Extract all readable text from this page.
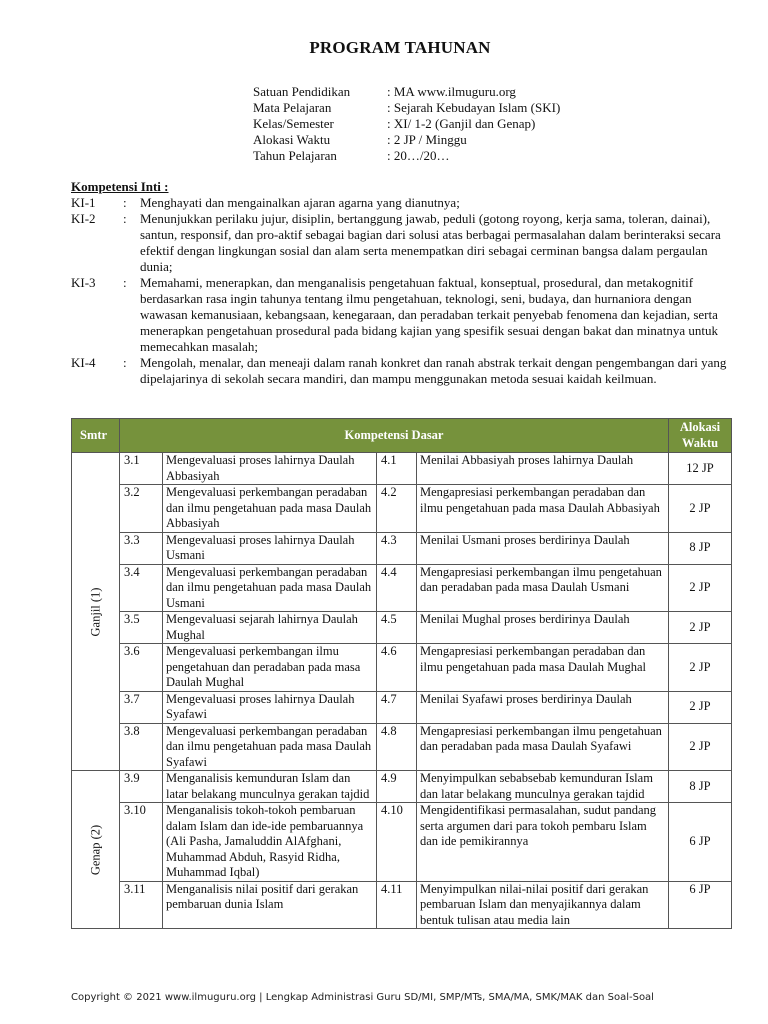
PROGRAM TAHUNAN
Satuan Pendidikan	: MA www.ilmuguru.org
Mata Pelajaran	: Sejarah Kebudayan Islam (SKI)
Kelas/Semester	: XI/ 1-2 (Ganjil dan Genap)
Alokasi Waktu	: 2 JP / Minggu
Tahun Pelajaran	: 20…/20…
Kompetensi Inti :
KI-1	:	Menghayati dan mengainalkan ajaran agarna yang dianutnya;
KI-2	:	Menunjukkan perilaku jujur, disiplin, bertanggung jawab, peduli (gotong royong, kerja sama, toleran, dainai), santun, responsif, dan pro-aktif sebagai bagian dari solusi atas berbagai permasalahan dalam berinteraksi secara efektif dengan lingkungan sosial dan alam serta menempatkan diri sebagai cerminan bangsa dalam pergaulan dunia;
KI-3	:	Memahami, menerapkan, dan menganalisis pengetahuan faktual, konseptual, prosedural, dan metakognitif berdasarkan rasa ingin tahunya tentang ilmu pengetahuan, teknologi, seni, budaya, dan hurnaniora dengan wawasan kemanusiaan, kebangsaan, kenegaraan, dan peradaban terkait penyebab fenomena dan kejadian, serta menerapkan pengetahuan prosedural pada bidang kajian yang spesifik sesuai dengan bakat dan minatnya untuk memecahkan masalah;
KI-4	:	Mengolah, menalar, dan meneaji dalam ranah konkret dan ranah abstrak terkait dengan pengembangan dari yang dipelajarinya di sekolah secara mandiri, dan mampu menggunakan metoda sesuai kaidah keilmuan.
Smtr	Kompetensi Dasar				Alokasi Waktu

Ganjil (1)	3.1	Mengevaluasi proses lahirnya Daulah Abbasiyah	4.1	Menilai Abbasiyah proses lahirnya Daulah	12 JP
	3.2	Mengevaluasi perkembangan peradaban dan ilmu pengetahuan pada masa Daulah Abbasiyah	4.2	Mengapresiasi perkembangan peradaban dan ilmu pengetahuan pada masa Daulah Abbasiyah	2 JP
	3.3	Mengevaluasi proses lahirnya Daulah Usmani	4.3	Menilai Usmani proses berdirinya Daulah	8 JP
	3.4	Mengevaluasi perkembangan peradaban dan ilmu pengetahuan pada masa Daulah Usmani	4.4	Mengapresiasi perkembangan ilmu pengetahuan dan peradaban pada masa Daulah Usmani	2 JP
	3.5	Mengevaluasi sejarah lahirnya Daulah Mughal	4.5	Menilai Mughal proses berdirinya Daulah	2 JP
	3.6	Mengevaluasi perkembangan ilmu pengetahuan dan peradaban pada masa Daulah Mughal	4.6	Mengapresiasi perkembangan peradaban dan ilmu pengetahuan pada masa Daulah Mughal	2 JP
	3.7	Mengevaluasi proses lahirnya Daulah Syafawi	4.7	Menilai Syafawi proses berdirinya Daulah	2 JP
	3.8	Mengevaluasi perkembangan peradaban dan ilmu pengetahuan pada masa Daulah Syafawi	4.8	Mengapresiasi perkembangan ilmu pengetahuan dan peradaban pada masa Daulah Syafawi	2 JP

Genap (2)	3.9	Menganalisis kemunduran Islam dan latar belakang munculnya gerakan tajdid	4.9	Menyimpulkan sebabsebab kemunduran Islam dan latar belakang munculnya gerakan tajdid	8 JP
	3.10	Menganalisis tokoh-tokoh pembaruan dalam Islam dan ide-ide pembaruannya (Ali Pasha, Jamaluddin AlAfghani, Muhammad Abduh, Rasyid Ridha, Muhammad Iqbal)	4.10	Mengidentifikasi permasalahan, sudut pandang serta argumen dari para tokoh pembaru Islam dan ide pemikirannya	6 JP
	3.11	Menganalisis nilai positif dari gerakan pembaruan dunia Islam	4.11	Menyimpulkan nilai-nilai positif dari gerakan pembaruan Islam dan menyajikannya dalam bentuk tulisan atau media lain	6 JP
Copyright © 2021 www.ilmuguru.org | Lengkap Administrasi Guru SD/MI, SMP/MTs, SMA/MA, SMK/MAK dan Soal-Soal
